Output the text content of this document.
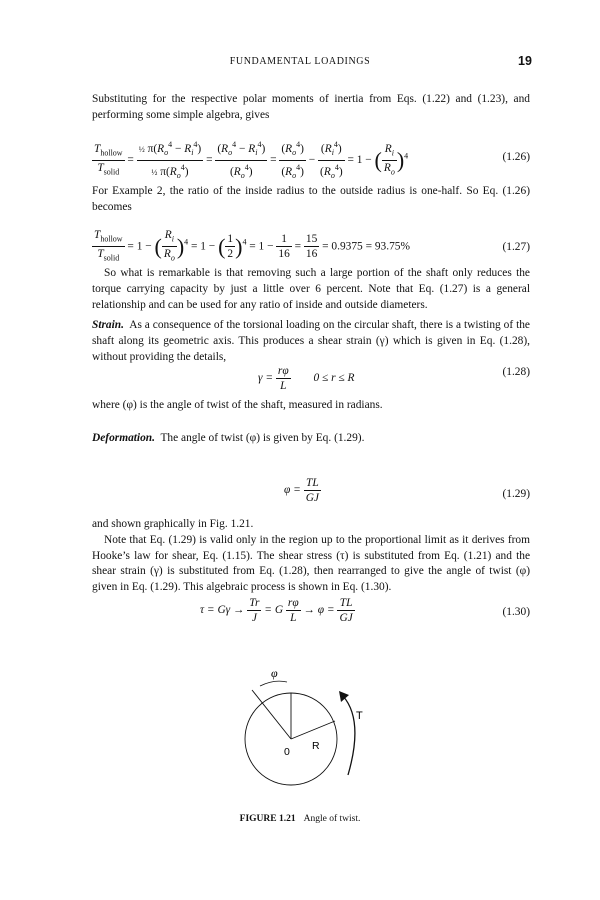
FUNDAMENTAL LOADINGS	19

Substituting for the respective polar moments of inertia from Eqs. (1.22) and (1.23), and performing some simple algebra, gives

$\frac{T_{hollow}}{T_{solid}} = \frac{\frac{1}{2} \pi(R_o^4 - R_i^4)}{\frac{1}{2} \pi(R_o^4)} = \frac{(R_o^4 - R_i^4)}{(R_o^4)} = \frac{(R_o^4)}{(R_o^4)} - \frac{(R_i^4)}{(R_o^4)} = 1$ − ( $\frac{R_i}{R_o} )^4$	(1.26)

For Example 2, the ratio of the inside radius to the outside radius is one-half. So Eq. (1.26) becomes

$\frac{T_{hollow}}{T_{solid}} = 1$ − ( $\frac{R_i}{R_o} )^4 = 1$ − ( $\frac{1}{2} )^4 = 1 - \frac{1}{16} = \frac{15}{16} = 0.9375 = 93.75\%$	(1.27)

So what is remarkable is that removing such a large portion of the shaft only reduces the torque carrying capacity by just a little over 6 percent. Note that Eq. (1.27) is a general relationship and can be used for any ratio of inside and outside diameters.

Strain. As a consequence of the torsional loading on the circular shaft, there is a twisting of the shaft along its geometric axis. This produces a shear strain (γ) which is given in Eq. (1.28), without providing the details,

$\gamma = \frac{r\varphi}{L} 0 \le r \le R$
(1.28)

where (φ) is the angle of twist of the shaft, measured in radians.

Deformation. The angle of twist (φ) is given by Eq. (1.29).

$\varphi = \frac{TL}{GJ}$	(1.29)

and shown graphically in Fig. 1.21.

Note that Eq. (1.29) is valid only in the region up to the proportional limit as it derives from Hooke’s law for shear, Eq. (1.15). The shear stress (τ) is substituted from Eq. (1.21) and the shear strain (γ) is substituted from Eq. (1.28), then rearranged to give the angle of twist (φ) given in Eq. (1.29). This algebraic process is shown in Eq. (1.30).

$\tau = G\gamma \to \frac{Tr}{J} = G \frac{r\varphi}{L} \to \varphi = \frac{TL}{GJ}$	(1.30)
φ
T
0 R
FIGURE 1.21 Angle of twist.
